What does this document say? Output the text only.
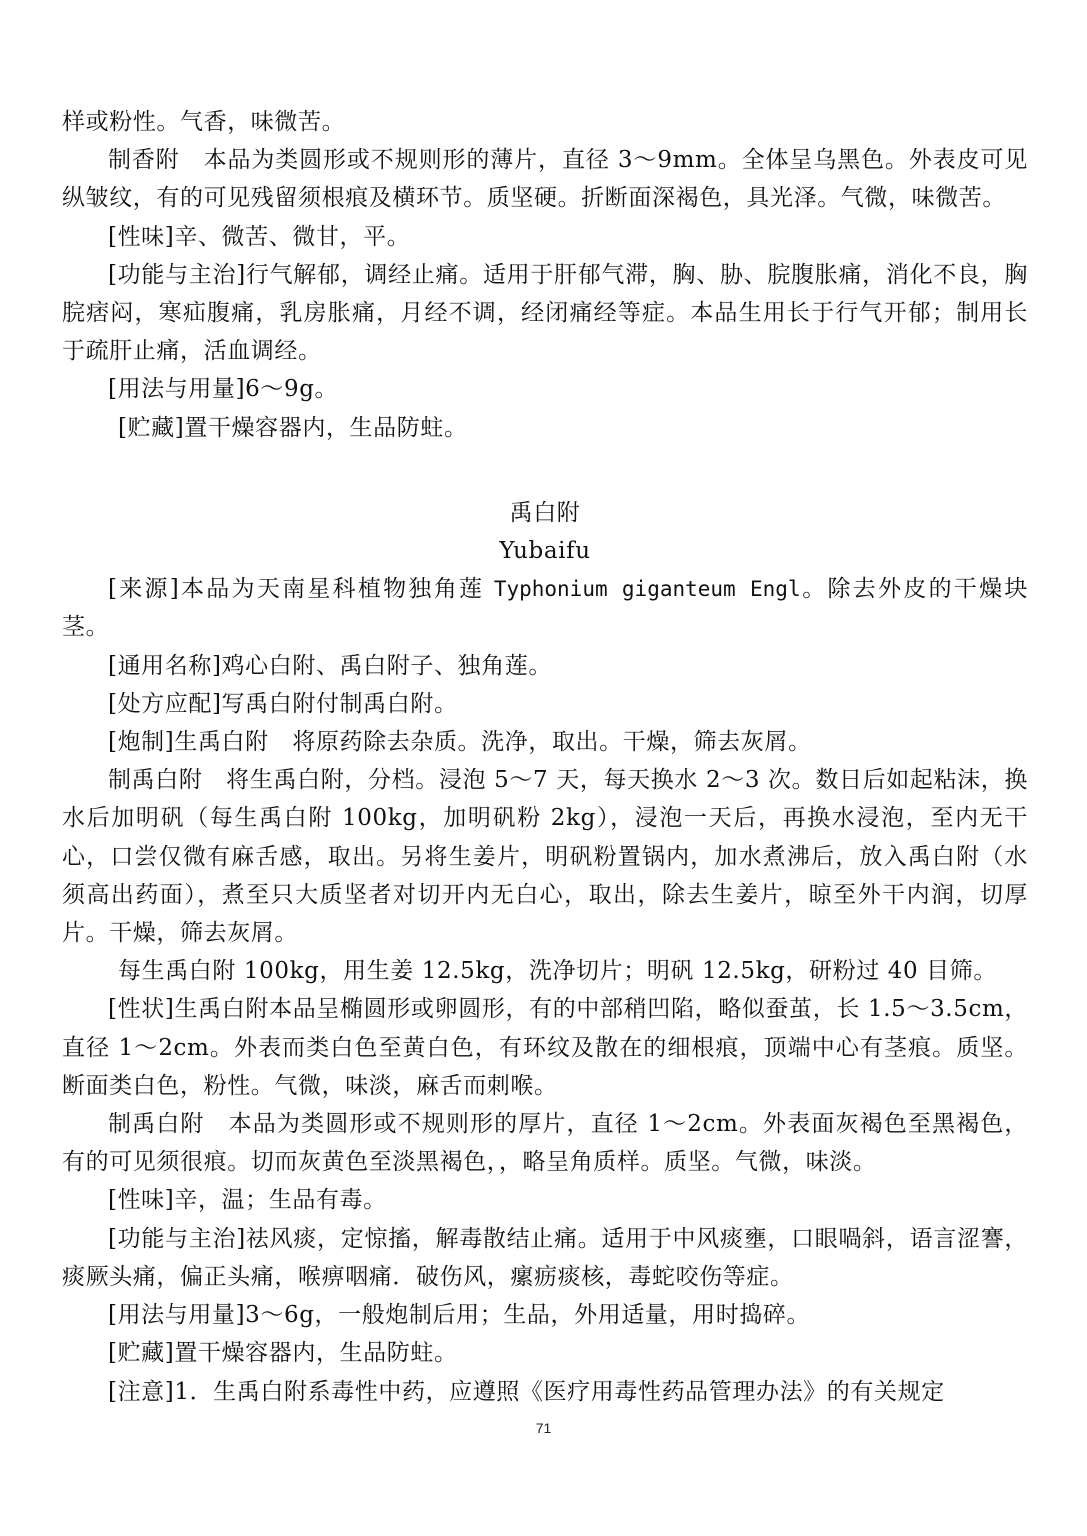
样或粉性。气香，味微苦。

制香附　本品为类圆形或不规则形的薄片，直径 3～9mm。全体呈乌黑色。外表皮可见纵皱纹，有的可见残留须根痕及横环节。质坚硬。折断面深褐色，具光泽。气微，味微苦。

[性味]辛、微苦、微甘，平。

[功能与主治]行气解郁，调经止痛。适用于肝郁气滞，胸、胁、脘腹胀痛，消化不良，胸脘痞闷，寒疝腹痛，乳房胀痛，月经不调，经闭痛经等症。本品生用长于行气开郁；制用长于疏肝止痛，活血调经。

[用法与用量]6～9g。

[贮藏]置干燥容器内，生品防蛀。

禹白附

Yubaifu

[来源]本品为天南星科植物独角莲 Typhonium giganteum Engl。除去外皮的干燥块茎。

[通用名称]鸡心白附、禹白附子、独角莲。

[处方应配]写禹白附付制禹白附。

[炮制]生禹白附　将原药除去杂质。洗净，取出。干燥，筛去灰屑。

制禹白附　将生禹白附，分档。浸泡 5～7 天，每天换水 2～3 次。数日后如起粘沫，换水后加明矾（每生禹白附 100kg，加明矾粉 2kg），浸泡一天后，再换水浸泡，至内无干心，口尝仅微有麻舌感，取出。另将生姜片，明矾粉置锅内，加水煮沸后，放入禹白附（水须高出药面），煮至只大质坚者对切开内无白心，取出，除去生姜片，晾至外干内润，切厚片。干燥，筛去灰屑。

每生禹白附 100kg，用生姜 12.5kg，洗净切片；明矾 12.5kg，研粉过 40 目筛。

[性状]生禹白附本品呈椭圆形或卵圆形，有的中部稍凹陷，略似蚕茧，长 1.5～3.5cm，直径 1～2cm。外表而类白色至黄白色，有环纹及散在的细根痕，顶端中心有茎痕。质坚。断面类白色，粉性。气微，味淡，麻舌而刺喉。

制禹白附　本品为类圆形或不规则形的厚片，直径 1～2cm。外表面灰褐色至黑褐色，有的可见须很痕。切而灰黄色至淡黑褐色，，略呈角质样。质坚。气微，味淡。

[性味]辛，温；生品有毒。

[功能与主治]祛风痰，定惊搐，解毒散结止痛。适用于中风痰壅，口眼喎斜，语言涩謇，痰厥头痛，偏正头痛，喉痹咽痛．破伤风，瘰疬痰核，毒蛇咬伤等症。

[用法与用量]3～6g，一般炮制后用；生品，外用适量，用时捣碎。

[贮藏]置干燥容器内，生品防蛀。

[注意]1．生禹白附系毒性中药，应遵照《医疗用毒性药品管理办法》的有关规定

71
